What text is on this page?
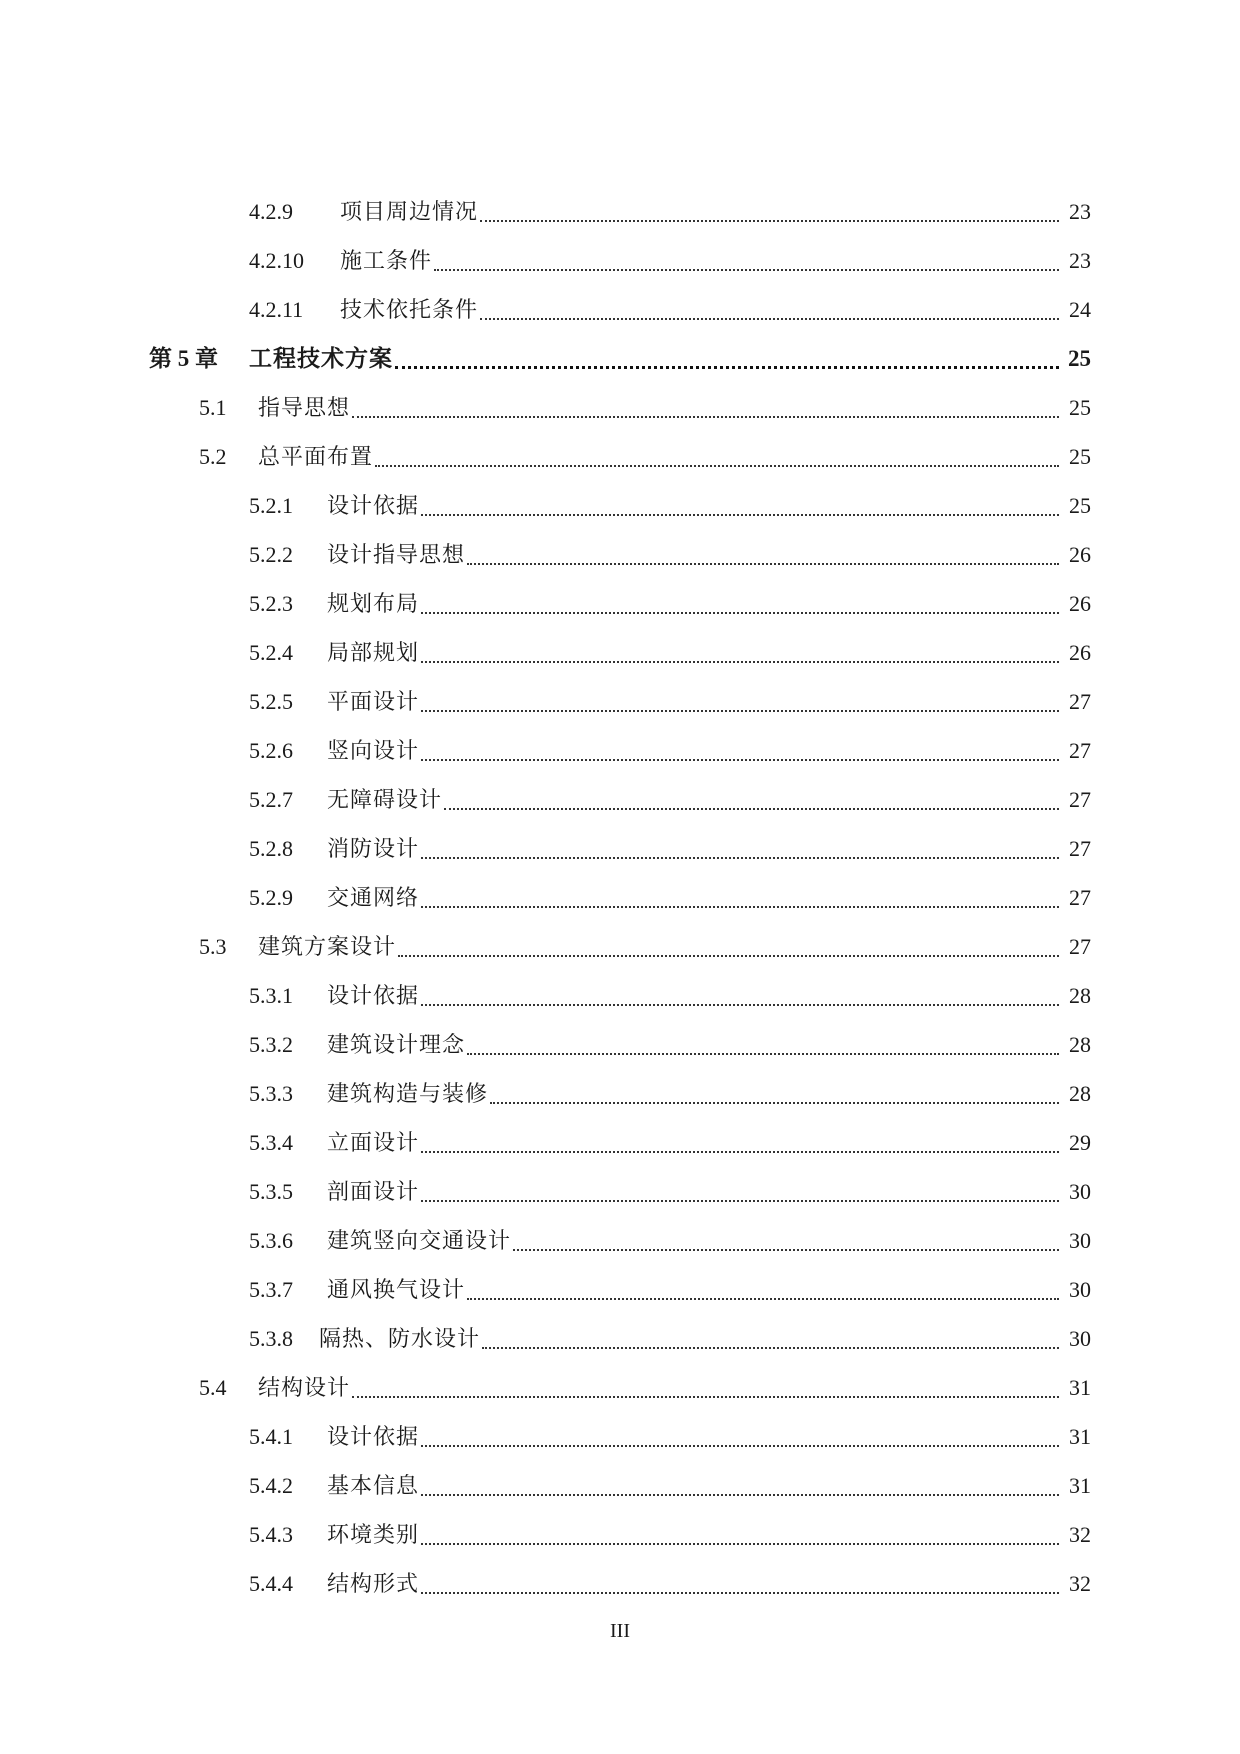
4.2.9	项目周边情况	23
4.2.10	施工条件	23
4.2.11	技术依托条件	24
第 5 章	工程技术方案	25
5.1	指导思想	25
5.2	总平面布置	25
5.2.1	设计依据	25
5.2.2	设计指导思想	26
5.2.3	规划布局	26
5.2.4	局部规划	26
5.2.5	平面设计	27
5.2.6	竖向设计	27
5.2.7	无障碍设计	27
5.2.8	消防设计	27
5.2.9	交通网络	27
5.3	建筑方案设计	27
5.3.1	设计依据	28
5.3.2	建筑设计理念	28
5.3.3	建筑构造与装修	28
5.3.4	立面设计	29
5.3.5	剖面设计	30
5.3.6	建筑竖向交通设计	30
5.3.7	通风换气设计	30
5.3.8	隔热、防水设计	30
5.4	结构设计	31
5.4.1	设计依据	31
5.4.2	基本信息	31
5.4.3	环境类别	32
5.4.4	结构形式	32
III
